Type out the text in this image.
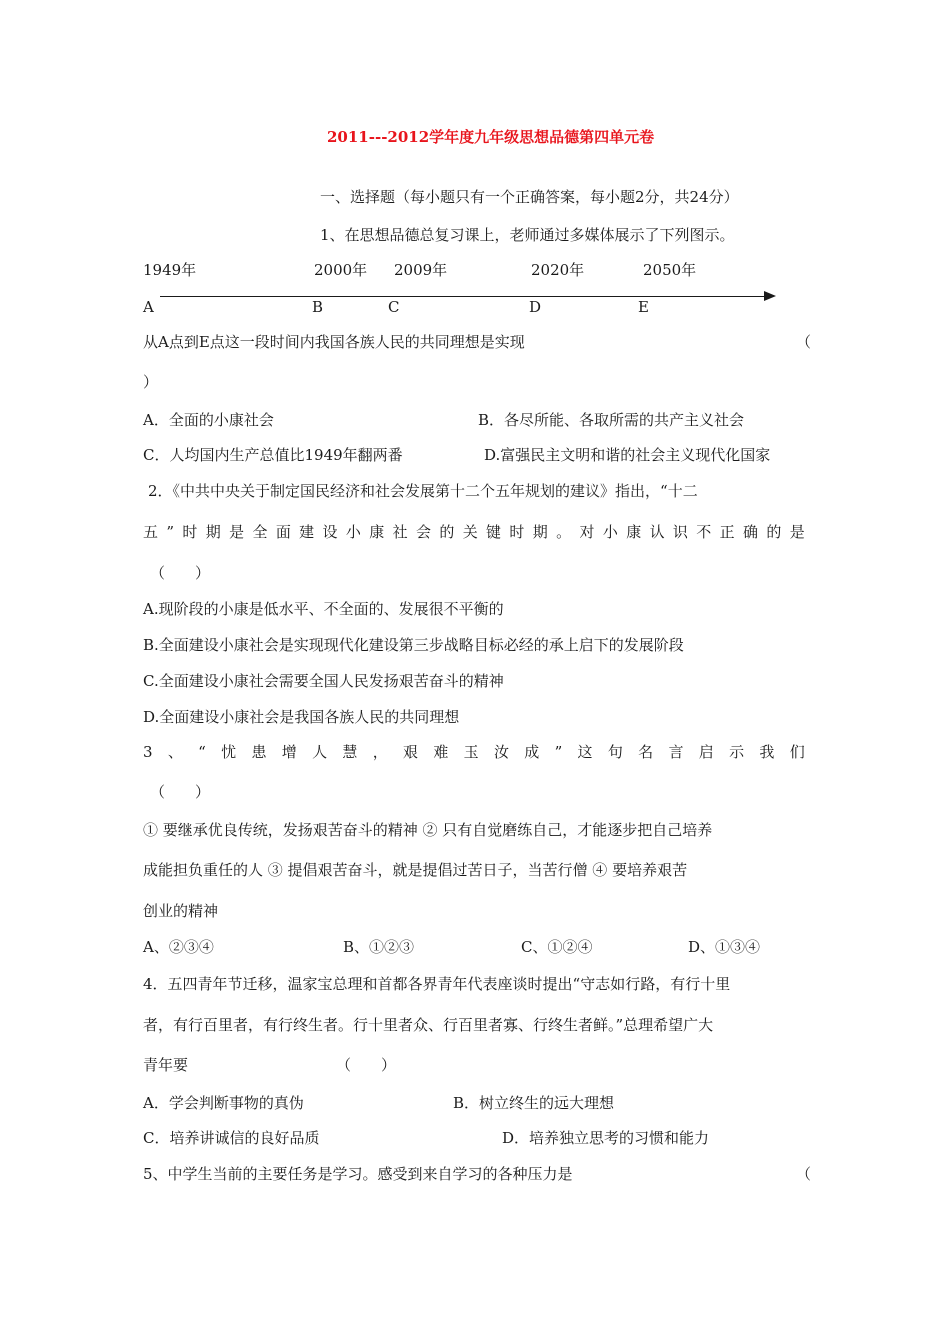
2011---2012学年度九年级思想品德第四单元卷
一、选择题（每小题只有一个正确答案，每小题2分，共24分）
1、在思想品德总复习课上，老师通过多媒体展示了下列图示。
1949年	2000年 2009年	2020年	2050年
A	B	C	D	E
从A点到E点这一段时间内我国各族人民的共同理想是实现	（
）
A．全面的小康社会	B．各尽所能、各取所需的共产主义社会
C．人均国内生产总值比1949年翻两番	D.富强民主文明和谐的社会主义现代化国家
2．《中共中央关于制定国民经济和社会发展第十二个五年规划的建议》指出，“十二
五 ” 时 期 是 全 面 建 设 小 康 社 会 的 关 键 时 期 。 对 小 康 认 识 不 正 确 的 是
（　　）
A.现阶段的小康是低水平、不全面的、发展很不平衡的
B.全面建设小康社会是实现现代化建设第三步战略目标必经的承上启下的发展阶段
C.全面建设小康社会需要全国人民发扬艰苦奋斗的精神
D.全面建设小康社会是我国各族人民的共同理想
3 、 “ 忧 患 增 人 慧 ， 艰 难 玉 汝 成 ” 这 句 名 言 启 示 我 们
（　　）
① 要继承优良传统，发扬艰苦奋斗的精神 ② 只有自觉磨练自己，才能逐步把自己培养
成能担负重任的人 ③ 提倡艰苦奋斗，就是提倡过苦日子，当苦行僧 ④ 要培养艰苦
创业的精神
A、②③④	B、①②③	C、①②④	D、①③④
4．五四青年节迁移，温家宝总理和首都各界青年代表座谈时提出“守志如行路，有行十里
者，有行百里者，有行终生者。行十里者众、行百里者寡、行终生者鲜。”总理希望广大
青年要	（　　）
A．学会判断事物的真伪	B．树立终生的远大理想
C．培养讲诚信的良好品质	D．培养独立思考的习惯和能力
5、中学生当前的主要任务是学习。感受到来自学习的各种压力是	（
